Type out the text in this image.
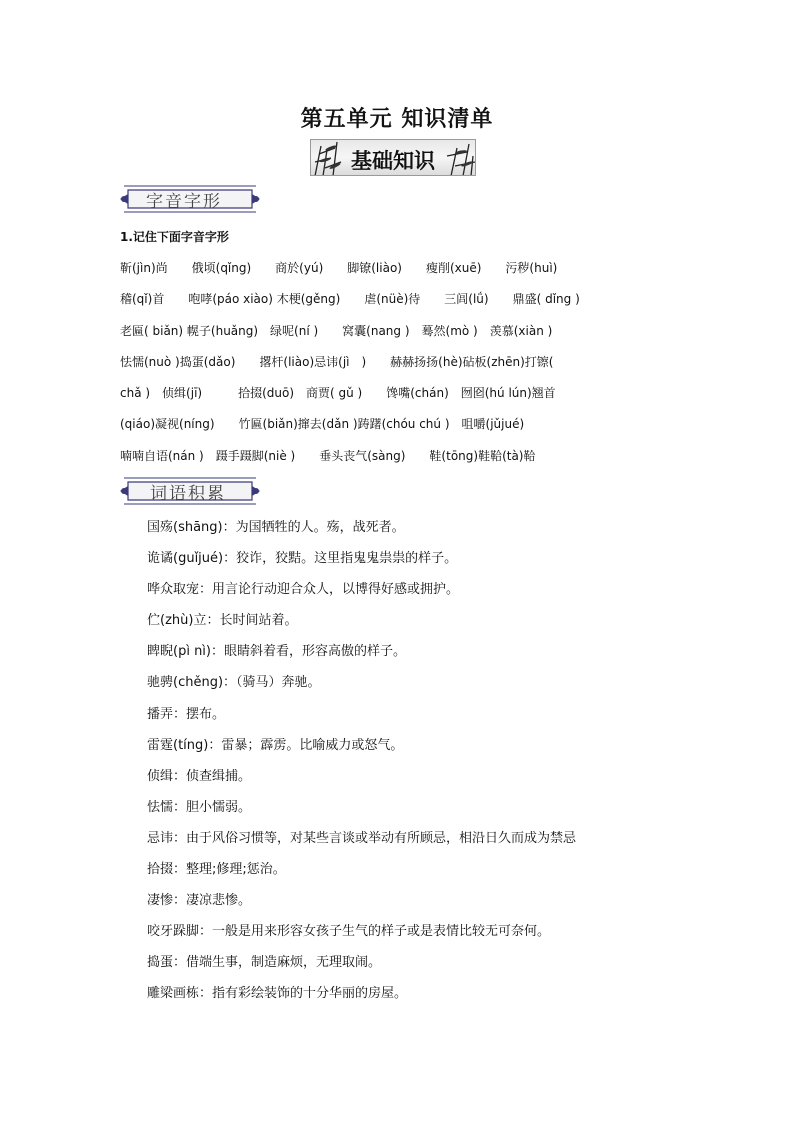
第五单元 知识清单
基础知识
字音字形
1.记住下面字音字形
靳(jìn)尚　　俄顷(qǐng)　　商於(yú)　　脚镣(liào)　　瘦削(xuē)　　污秽(huì)
稽(qǐ)首　　咆哮(páo xiào) 木梗(gěng)　　虐(nüè)待　　三闾(lǘ)　　鼎盛( dǐng )
老匾( biǎn) 幌子(huǎng)　绿呢(ní )　　窝囊(nang )　蓦然(mò )　羡慕(xiàn )
怯懦(nuò )捣蛋(dǎo)　　撂杆(liào)忌讳(jì　)　　赫赫扬扬(hè)砧板(zhēn)打镲(
chǎ )　侦缉(jī)　　　拾掇(duō)　商贾( gǔ )　　馋嘴(chán)　囫囵(hú lún)翘首
(qiáo)凝视(níng)　　竹匾(biǎn)撺去(dǎn )踌躇(chóu chú )　咀嚼(jǔjué)
喃喃自语(nán )　蹑手蹑脚(niè )　　垂头丧气(sàng)　　鞋(tōng)鞋鞈(tà)鞈
词语积累
国殇(shāng)：为国牺牲的人。殇，战死者。
诡谲(guǐjué)：狡诈，狡黠。这里指鬼鬼祟祟的样子。
哗众取宠：用言论行动迎合众人，以博得好感或拥护。
伫(zhù)立：长时间站着。
睥睨(pì nì)：眼睛斜着看，形容高傲的样子。
驰骋(chěng)：（骑马）奔驰。
播弄：摆布。
雷霆(tíng)：雷暴；霹雳。比喻威力或怒气。
侦缉：侦查缉捕。
怯懦：胆小懦弱。
忌讳：由于风俗习惯等，对某些言谈或举动有所顾忌，相沿日久而成为禁忌
拾掇：整理;修理;惩治。
凄惨：凄凉悲惨。
咬牙跺脚：一般是用来形容女孩子生气的样子或是表情比较无可奈何。
捣蛋：借端生事，制造麻烦，无理取闹。
雕梁画栋：指有彩绘装饰的十分华丽的房屋。
